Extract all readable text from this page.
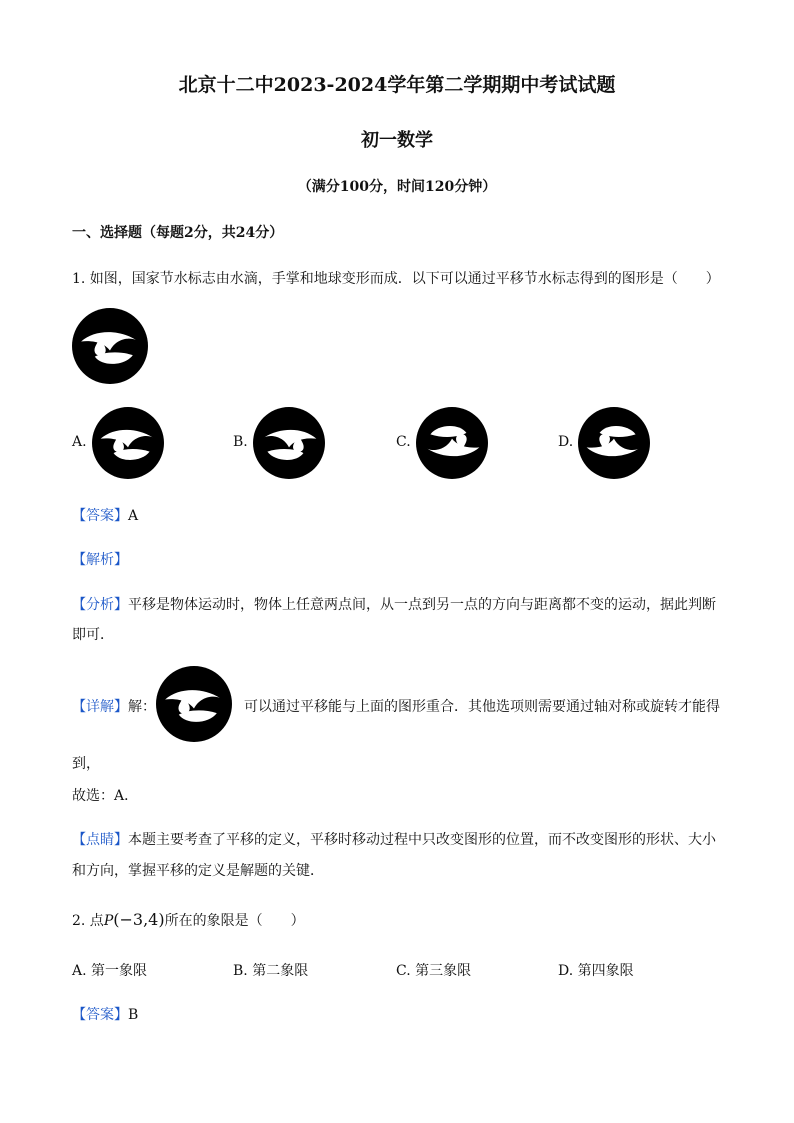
北京十二中2023-2024学年第二学期期中考试试题
初一数学
（满分100分，时间120分钟）
一、选择题（每题2分，共24分）
1. 如图，国家节水标志由水滴，手掌和地球变形而成．以下可以通过平移节水标志得到的图形是（　　）
A.	B.	C.	D.
【答案】A
【解析】
【分析】平移是物体运动时，物体上任意两点间，从一点到另一点的方向与距离都不变的运动，据此判断
即可．
【详解】解：	可以通过平移能与上面的图形重合．其他选项则需要通过轴对称或旋转才能得
到，
故选：A．
【点睛】本题主要考查了平移的定义，平移时移动过程中只改变图形的位置，而不改变图形的形状、大小
和方向，掌握平移的定义是解题的关键．
2. 点P(−3,4)所在的象限是（　　）
A. 第一象限	B. 第二象限	C. 第三象限	D. 第四象限
【答案】B
